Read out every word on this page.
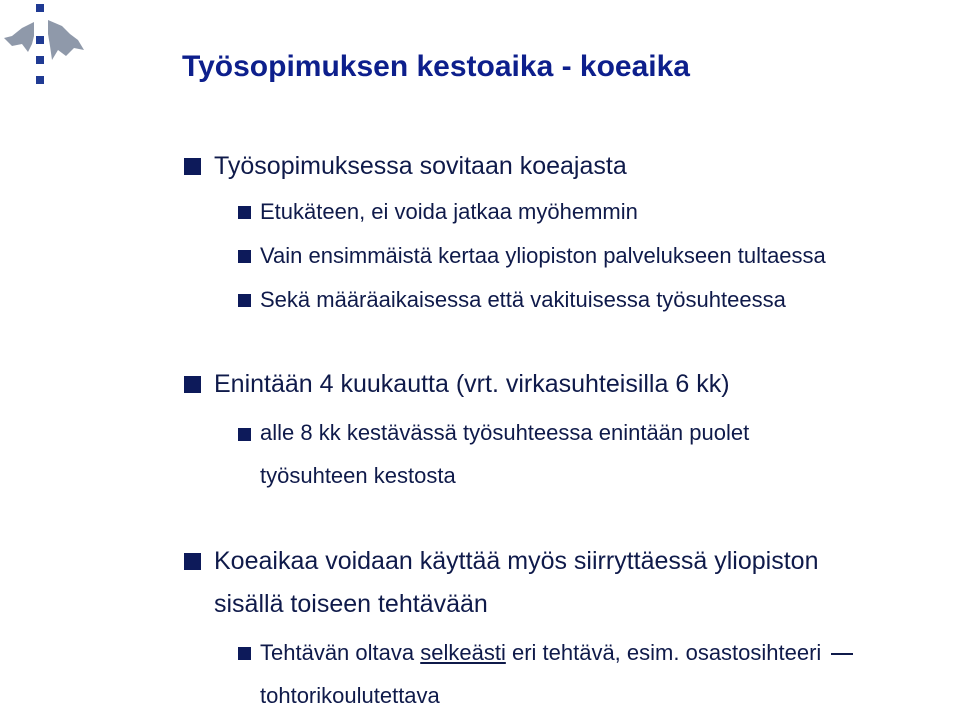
Työsopimuksen kestoaika - koeaika
Työsopimuksessa sovitaan koeajasta
Etukäteen, ei voida jatkaa myöhemmin
Vain ensimmäistä kertaa yliopiston palvelukseen tultaessa
Sekä määräaikaisessa että vakituisessa työsuhteessa
Enintään 4 kuukautta (vrt. virkasuhteisilla 6 kk)
alle 8 kk kestävässä työsuhteessa enintään puolet
työsuhteen kestosta
Koeaikaa voidaan käyttää myös siirryttäessä yliopiston
sisällä toiseen tehtävään
Tehtävän oltava selkeästi eri tehtävä, esim. osastosihteeri
tohtorikoulutettava
